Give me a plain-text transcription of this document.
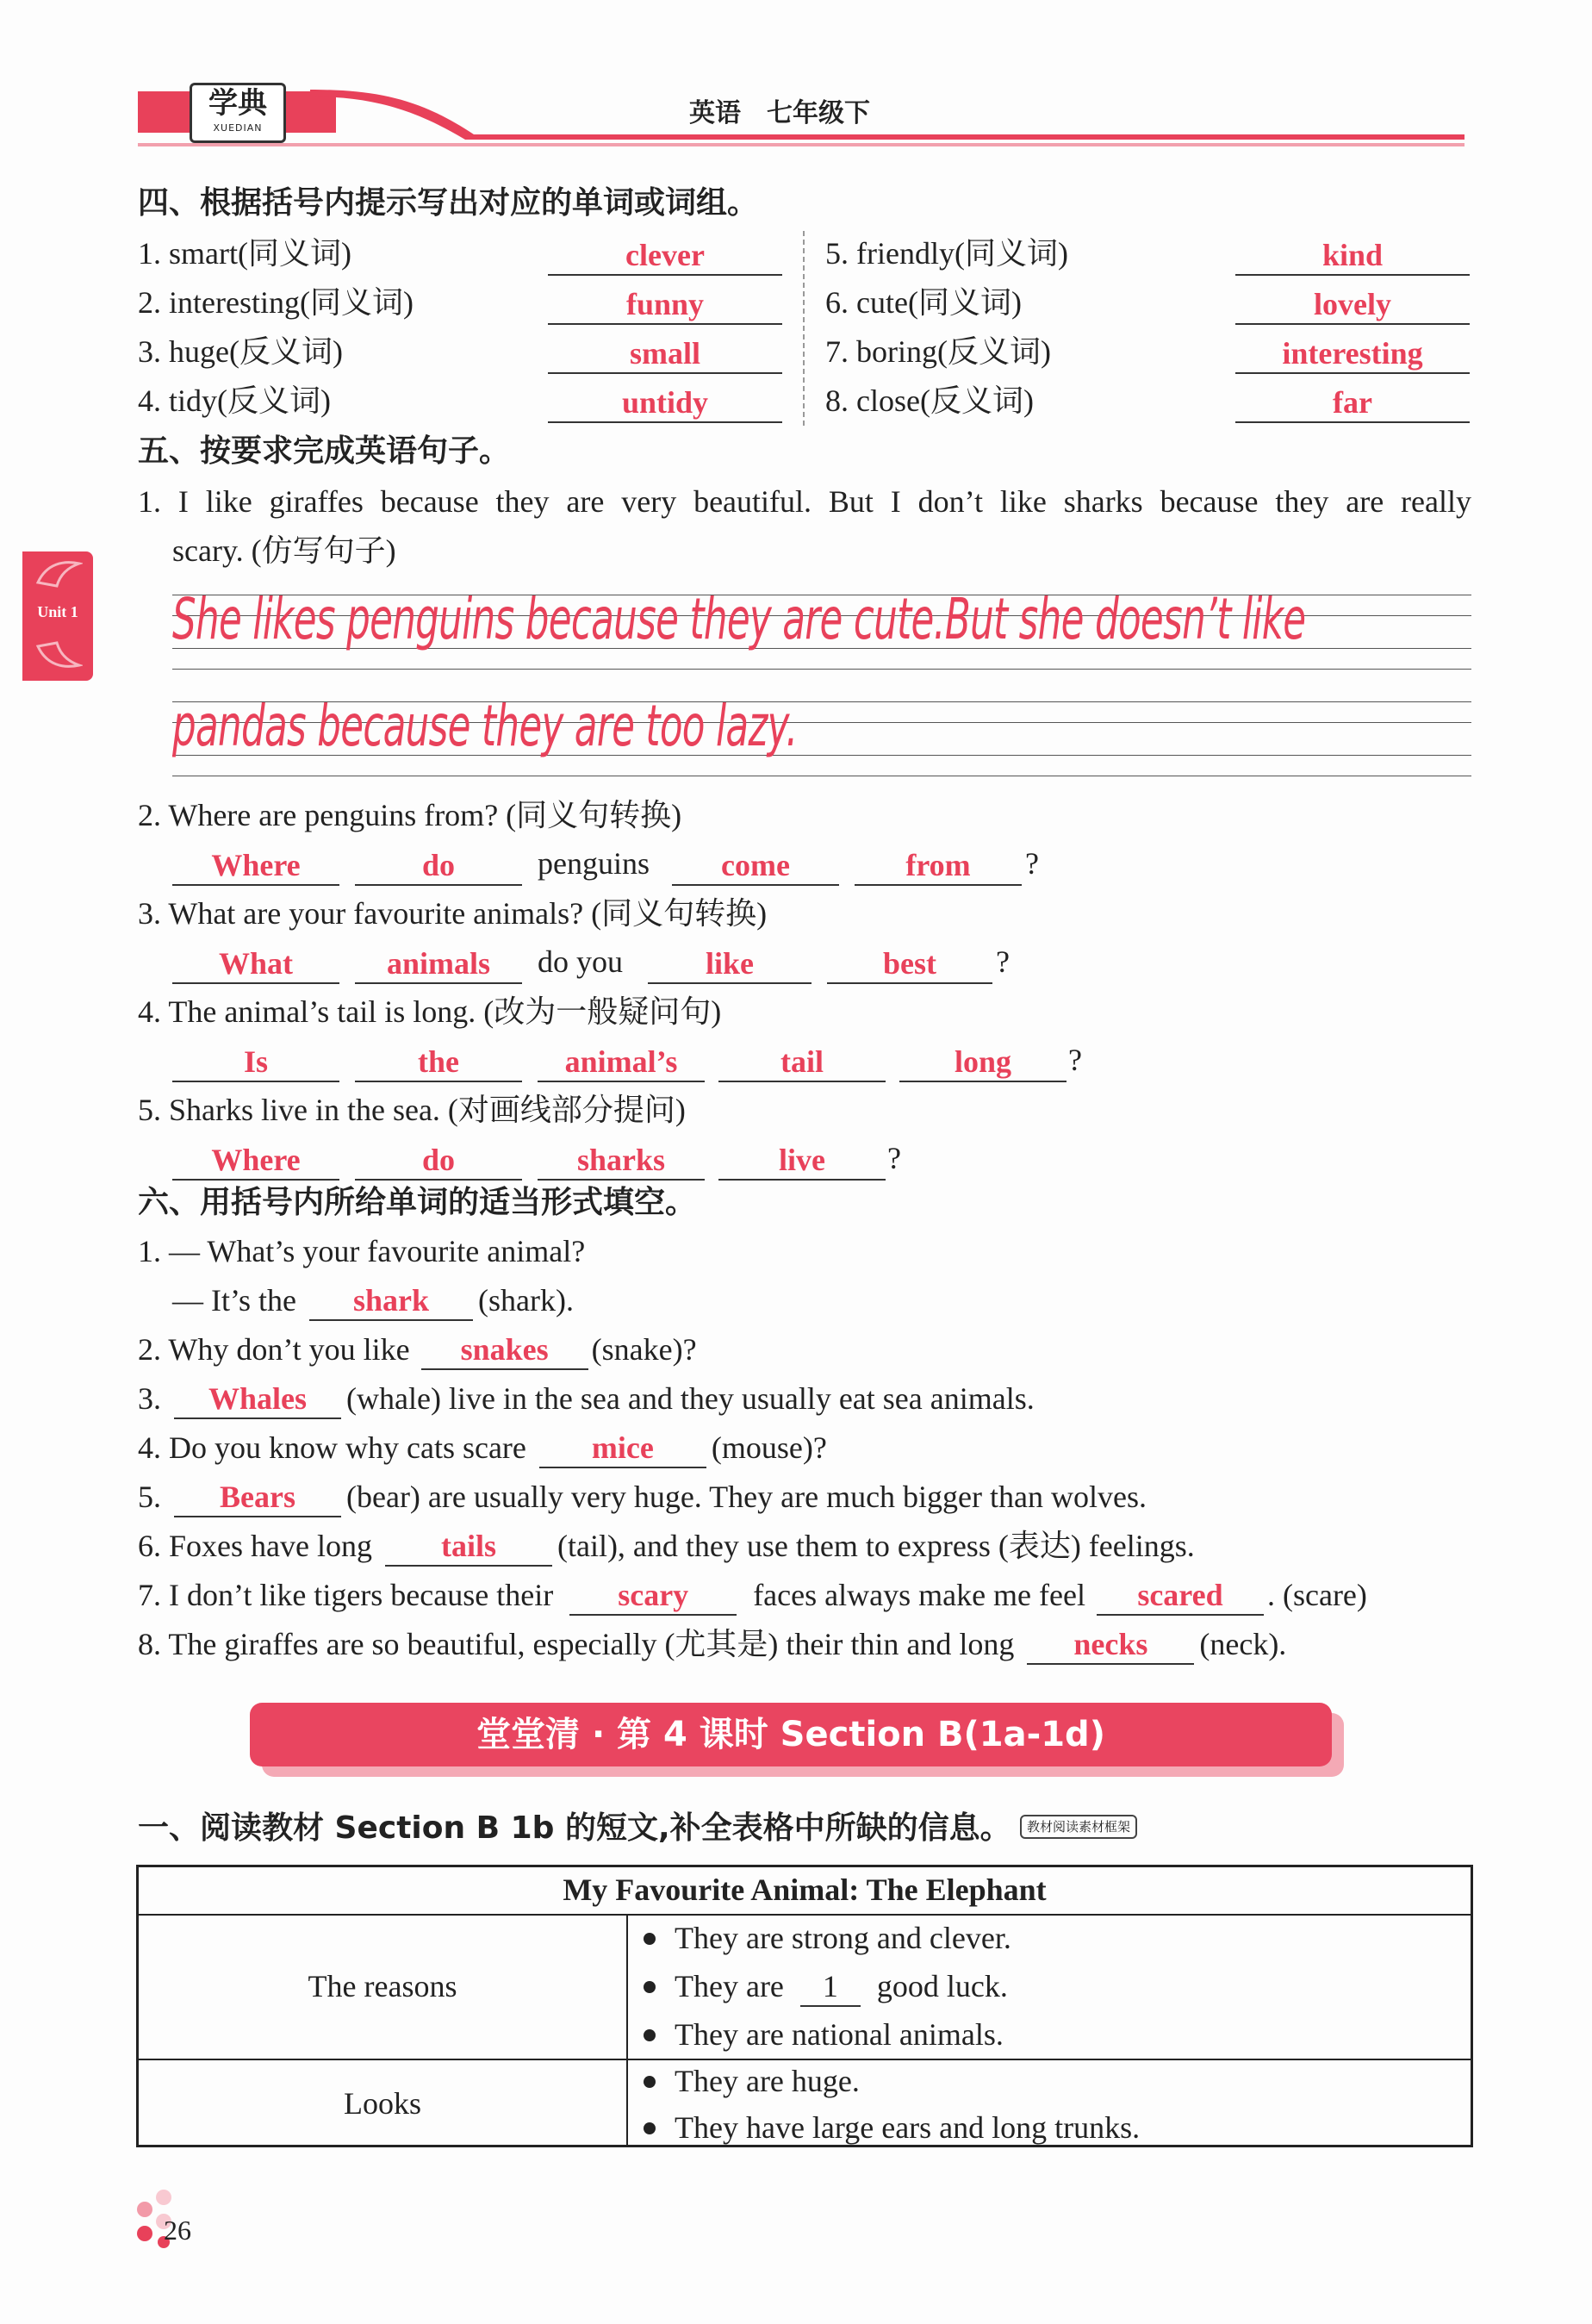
学典
XUEDIAN	英语　七年级下
Unit 1
四、根据括号内提示写出对应的单词或词组。
1. smart(同义词)	clever
2. interesting(同义词)	funny
3. huge(反义词)	small
4. tidy(反义词)	untidy
5. friendly(同义词)	kind
6. cute(同义词)	lovely
7. boring(反义词)	interesting
8. close(反义词)	far
五、按要求完成英语句子。
1. I like giraffes because they are very beautiful. But I don’t like sharks because they are really
scary. (仿写句子)
She likes penguins because they are cute.But she doesn’t like
pandas because they are too lazy.
2. Where are penguins from? (同义句转换)
Where	do	penguins	come	from	?
3. What are your favourite animals? (同义句转换)
What	animals	do you	like	best	?
4. The animal’s tail is long. (改为一般疑问句)
Is	the	animal’s	tail	long	?
5. Sharks live in the sea. (对画线部分提问)
Where	do	sharks	live	?
六、用括号内所给单词的适当形式填空。
1. — What’s your favourite animal?
— It’s the shark (shark).
2. Why don’t you like snakes (snake)?
3. Whales (whale) live in the sea and they usually eat sea animals.
4. Do you know why cats scare mice (mouse)?
5. Bears (bear) are usually very huge. They are much bigger than wolves.
6. Foxes have long tails (tail), and they use them to express (表达) feelings.
7. I don’t like tigers because their scary faces always make me feel scared . (scare)
8. The giraffes are so beautiful, especially (尤其是) their thin and long necks (neck).
堂堂清 · 第 4 课时 Section B(1a-1d)
一、阅读教材 Section B 1b 的短文,补全表格中所缺的信息。	教材阅读素材框架
My Favourite Animal: The Elephant
The reasons
They are strong and clever.
They are 1 good luck.
They are national animals.
Looks
They are huge.
They have large ears and long trunks.
26
